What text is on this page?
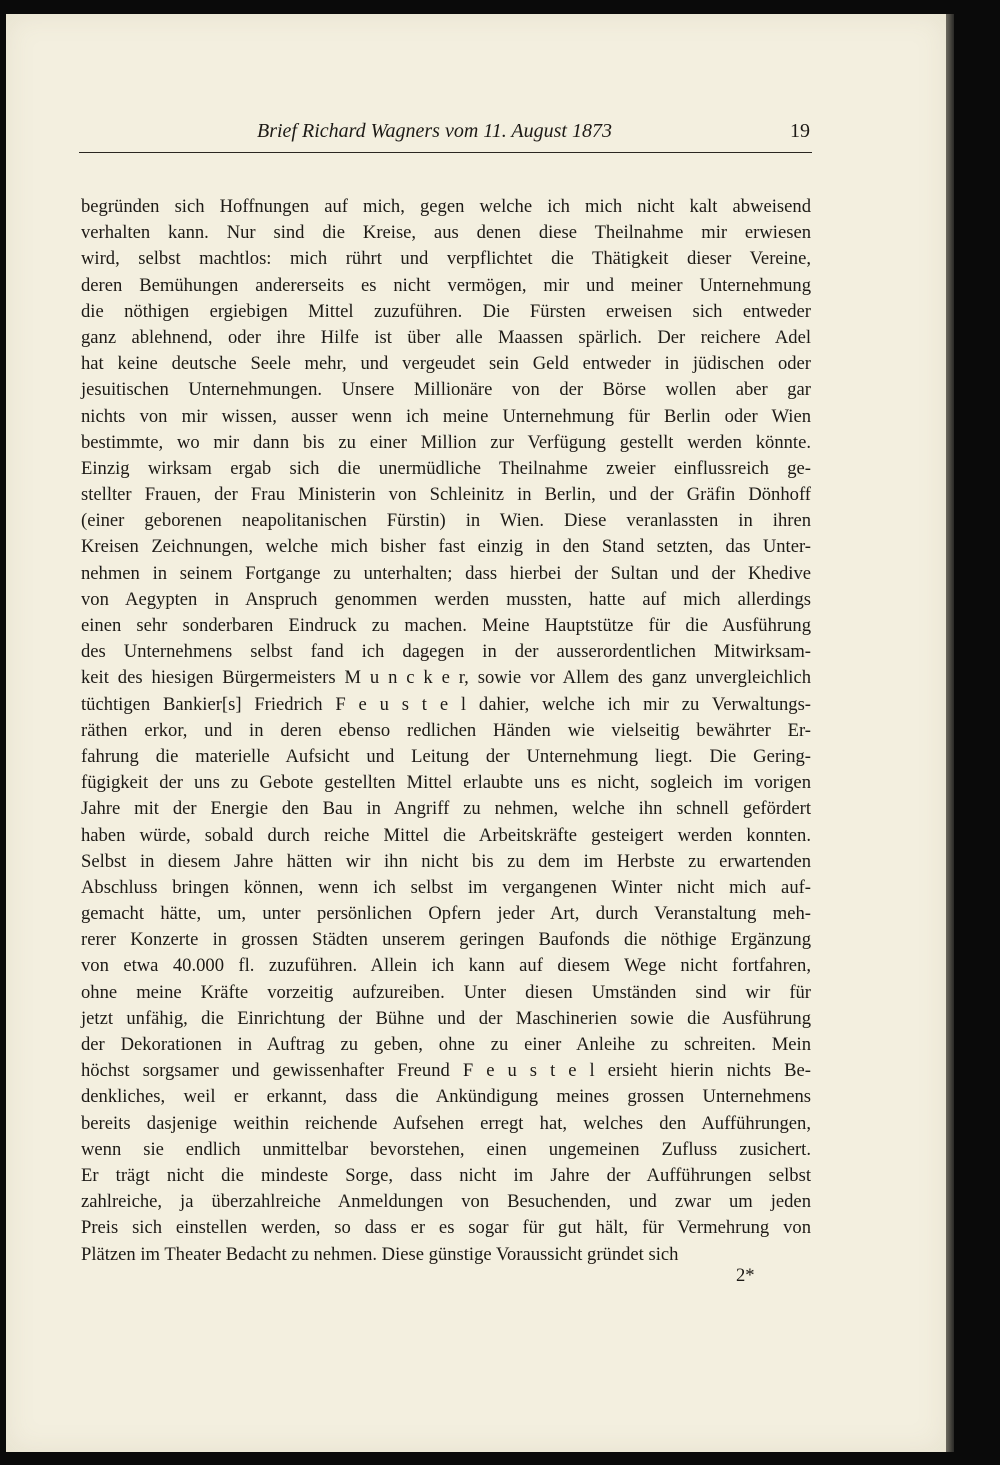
Brief Richard Wagners vom 11. August 1873	19
begründen sich Hoffnungen auf mich, gegen welche ich mich nicht kalt abweisend
verhalten kann. Nur sind die Kreise, aus denen diese Theilnahme mir erwiesen
wird, selbst machtlos: mich rührt und verpflichtet die Thätigkeit dieser Vereine,
deren Bemühungen andererseits es nicht vermögen, mir und meiner Unternehmung
die nöthigen ergiebigen Mittel zuzuführen. Die Fürsten erweisen sich entweder
ganz ablehnend, oder ihre Hilfe ist über alle Maassen spärlich. Der reichere Adel
hat keine deutsche Seele mehr, und vergeudet sein Geld entweder in jüdischen oder
jesuitischen Unternehmungen. Unsere Millionäre von der Börse wollen aber gar
nichts von mir wissen, ausser wenn ich meine Unternehmung für Berlin oder Wien
bestimmte, wo mir dann bis zu einer Million zur Verfügung gestellt werden könnte.
Einzig wirksam ergab sich die unermüdliche Theilnahme zweier einflussreich ge-
stellter Frauen, der Frau Ministerin von Schleinitz in Berlin, und der Gräfin Dönhoff
(einer geborenen neapolitanischen Fürstin) in Wien. Diese veranlassten in ihren
Kreisen Zeichnungen, welche mich bisher fast einzig in den Stand setzten, das Unter-
nehmen in seinem Fortgange zu unterhalten; dass hierbei der Sultan und der Khedive
von Aegypten in Anspruch genommen werden mussten, hatte auf mich allerdings
einen sehr sonderbaren Eindruck zu machen. Meine Hauptstütze für die Ausführung
des Unternehmens selbst fand ich dagegen in der ausserordentlichen Mitwirksam-
keit des hiesigen Bürgermeisters M u n c k e r, sowie vor Allem des ganz unvergleichlich
tüchtigen Bankier[s] Friedrich F e u s t e l dahier, welche ich mir zu Verwaltungs-
räthen erkor, und in deren ebenso redlichen Händen wie vielseitig bewährter Er-
fahrung die materielle Aufsicht und Leitung der Unternehmung liegt. Die Gering-
fügigkeit der uns zu Gebote gestellten Mittel erlaubte uns es nicht, sogleich im vorigen
Jahre mit der Energie den Bau in Angriff zu nehmen, welche ihn schnell gefördert
haben würde, sobald durch reiche Mittel die Arbeitskräfte gesteigert werden konnten.
Selbst in diesem Jahre hätten wir ihn nicht bis zu dem im Herbste zu erwartenden
Abschluss bringen können, wenn ich selbst im vergangenen Winter nicht mich auf-
gemacht hätte, um, unter persönlichen Opfern jeder Art, durch Veranstaltung meh-
rerer Konzerte in grossen Städten unserem geringen Baufonds die nöthige Ergänzung
von etwa 40.000 fl. zuzuführen. Allein ich kann auf diesem Wege nicht fortfahren,
ohne meine Kräfte vorzeitig aufzureiben. Unter diesen Umständen sind wir für
jetzt unfähig, die Einrichtung der Bühne und der Maschinerien sowie die Ausführung
der Dekorationen in Auftrag zu geben, ohne zu einer Anleihe zu schreiten. Mein
höchst sorgsamer und gewissenhafter Freund F e u s t e l ersieht hierin nichts Be-
denkliches, weil er erkannt, dass die Ankündigung meines grossen Unternehmens
bereits dasjenige weithin reichende Aufsehen erregt hat, welches den Aufführungen,
wenn sie endlich unmittelbar bevorstehen, einen ungemeinen Zufluss zusichert.
Er trägt nicht die mindeste Sorge, dass nicht im Jahre der Aufführungen selbst
zahlreiche, ja überzahlreiche Anmeldungen von Besuchenden, und zwar um jeden
Preis sich einstellen werden, so dass er es sogar für gut hält, für Vermehrung von
Plätzen im Theater Bedacht zu nehmen. Diese günstige Voraussicht gründet sich
2*
